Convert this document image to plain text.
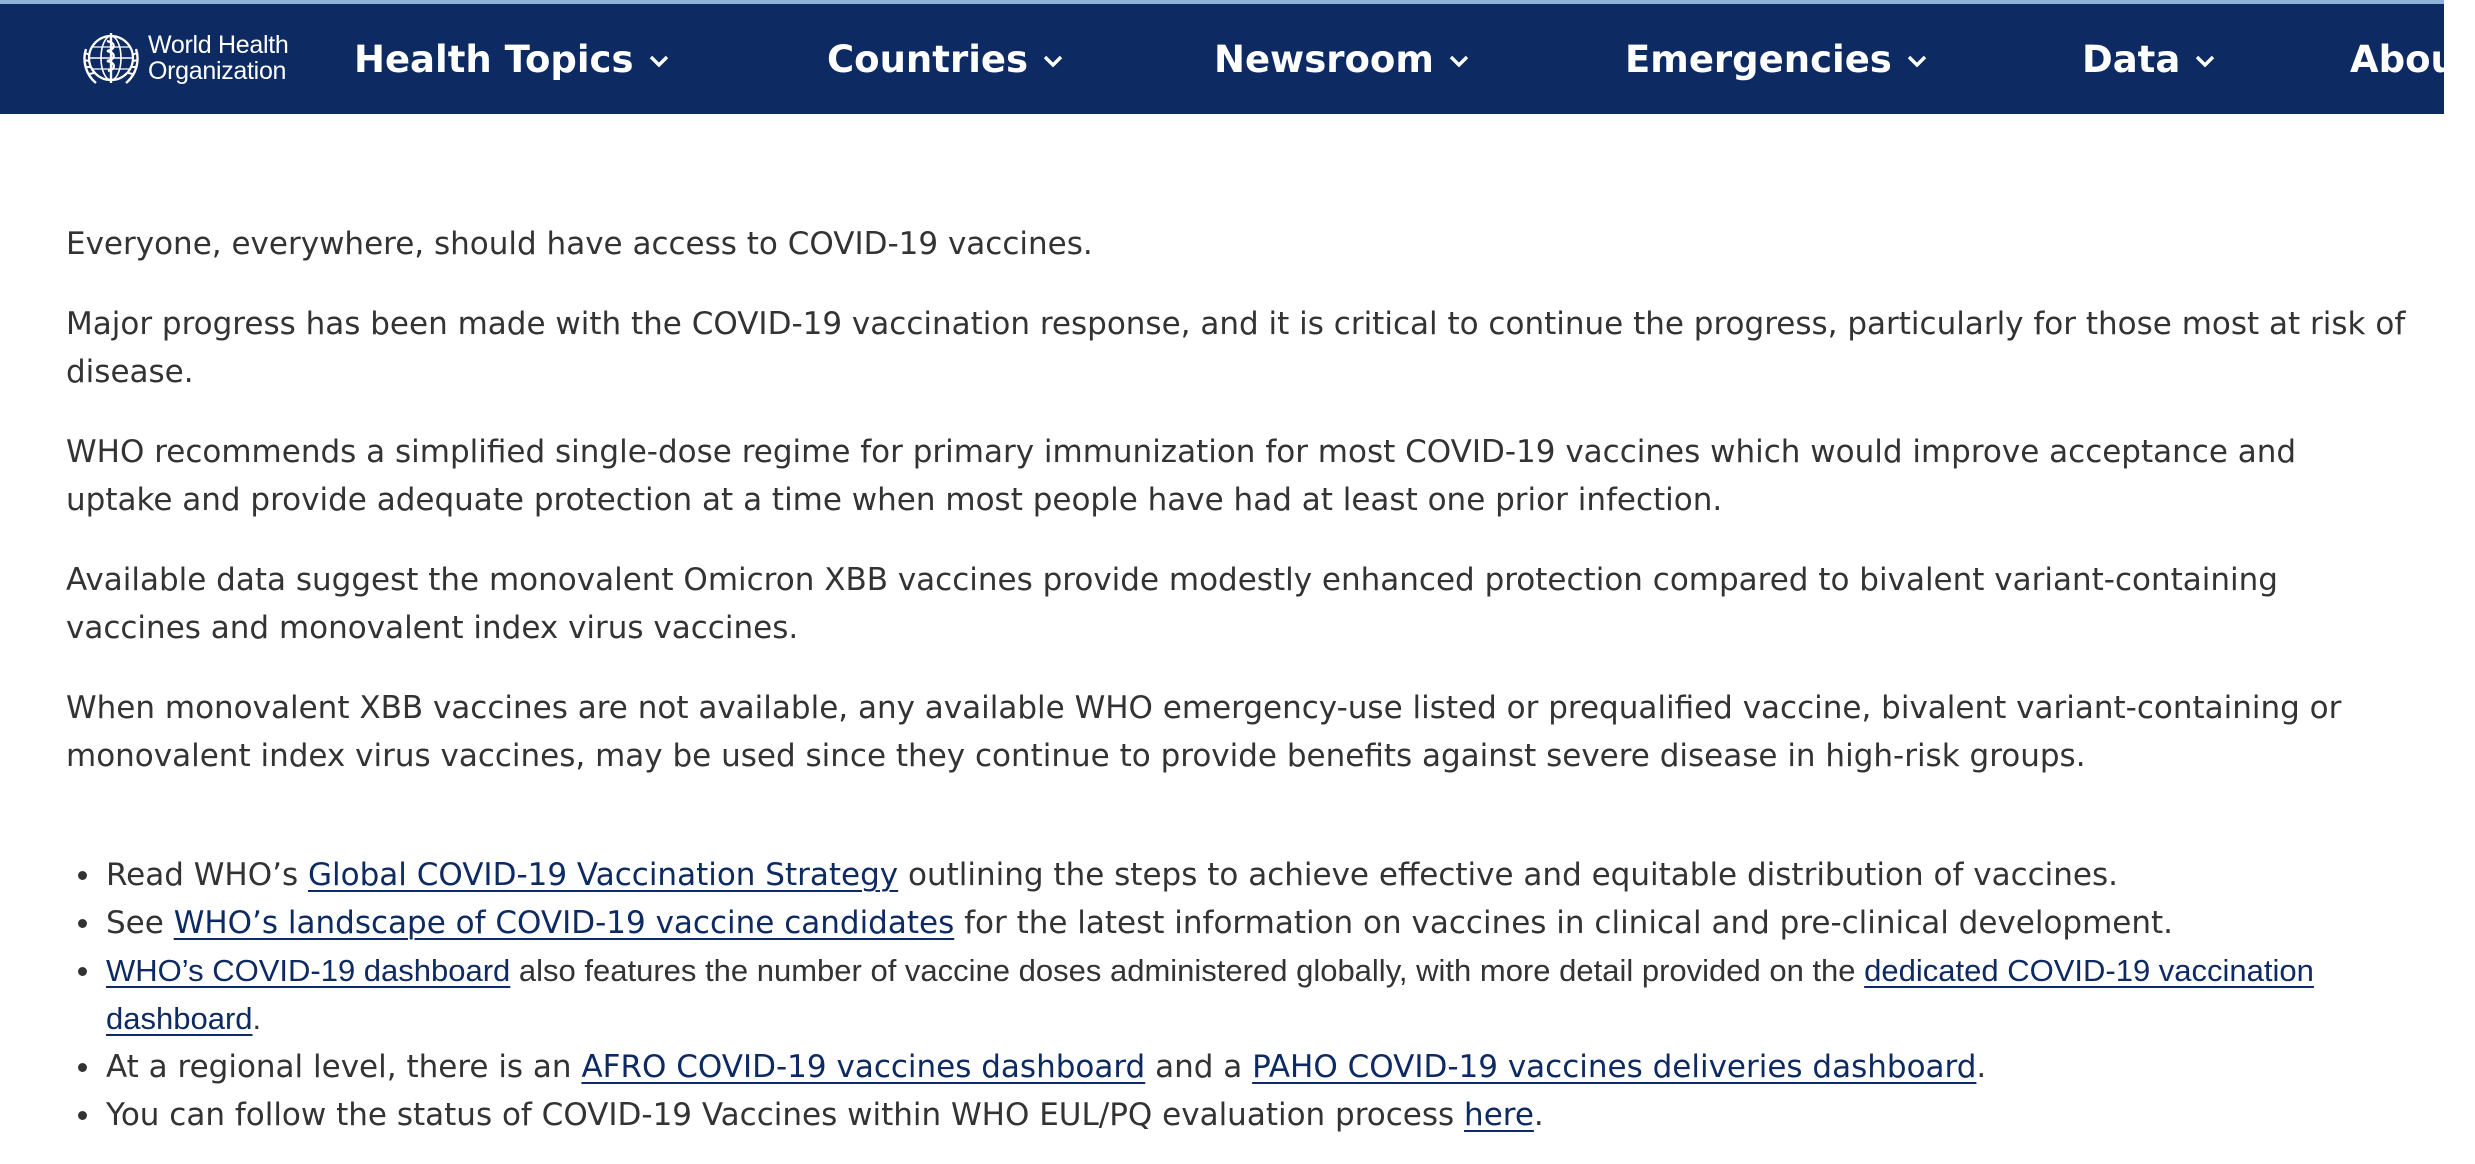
World Health
Organization Health Topics	Countries	Newsroom	Emergencies	Data	About

Everyone, everywhere, should have access to COVID-19 vaccines.

Major progress has been made with the COVID-19 vaccination response, and it is critical to continue the progress, particularly for those most at risk of disease.

WHO recommends a simplified single-dose regime for primary immunization for most COVID-19 vaccines which would improve acceptance and uptake and provide adequate protection at a time when most people have had at least one prior infection.

Available data suggest the monovalent Omicron XBB vaccines provide modestly enhanced protection compared to bivalent variant-containing vaccines and monovalent index virus vaccines.

When monovalent XBB vaccines are not available, any available WHO emergency-use listed or prequalified vaccine, bivalent variant-containing or monovalent index virus vaccines, may be used since they continue to provide benefits against severe disease in high-risk groups.

Read WHO’s Global COVID-19 Vaccination Strategy outlining the steps to achieve effective and equitable distribution of vaccines.
See WHO’s landscape of COVID-19 vaccine candidates for the latest information on vaccines in clinical and pre-clinical development.
WHO’s COVID-19 dashboard also features the number of vaccine doses administered globally, with more detail provided on the dedicated COVID-19 vaccination dashboard.
At a regional level, there is an AFRO COVID-19 vaccines dashboard and a PAHO COVID-19 vaccines deliveries dashboard.
You can follow the status of COVID-19 Vaccines within WHO EUL/PQ evaluation process here.
